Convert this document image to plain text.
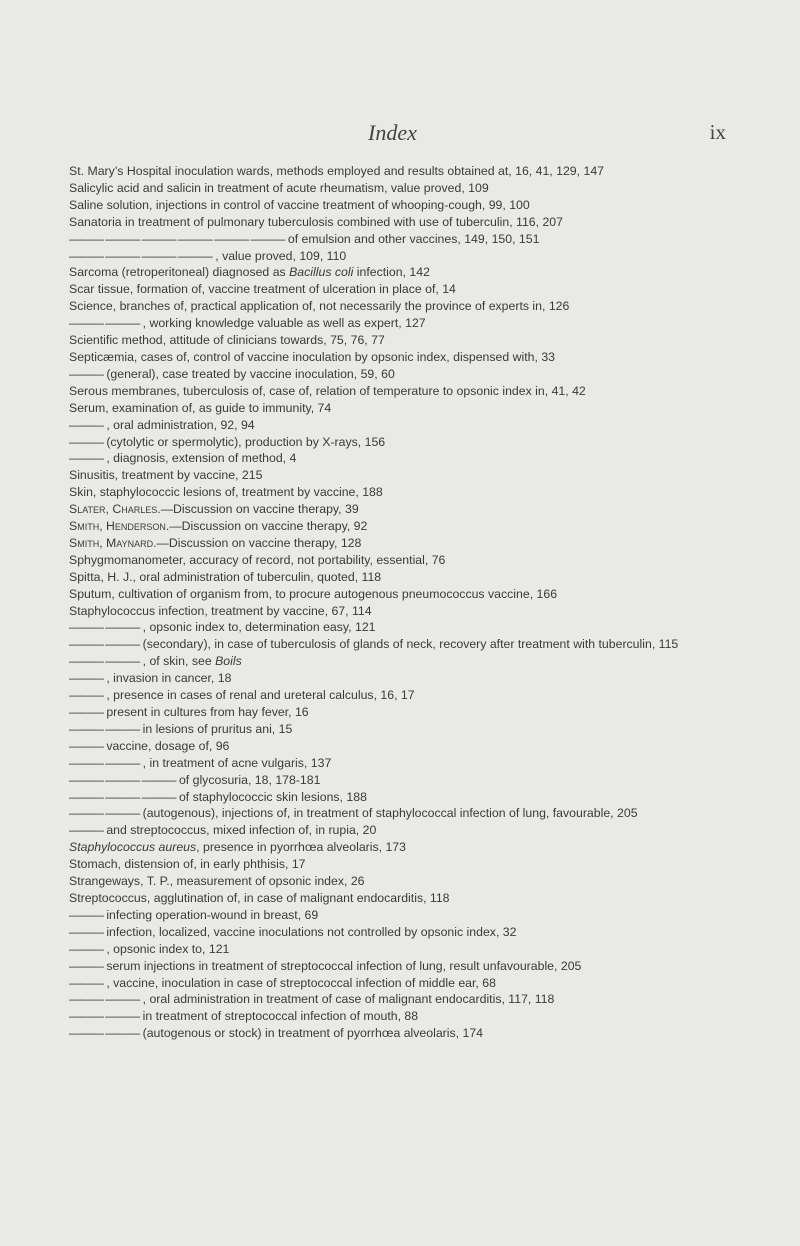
Index	ix
St. Mary’s Hospital inoculation wards, methods employed and results obtained at, 16, 41, 129, 147
Salicylic acid and salicin in treatment of acute rheumatism, value proved, 109
Saline solution, injections in control of vaccine treatment of whooping-cough, 99, 100
Sanatoria in treatment of pulmonary tuberculosis combined with use of tuberculin, 116, 207
——— ——— ——— ——— ——— ——— of emulsion and other vaccines, 149, 150, 151
——— ——— ——— ——— , value proved, 109, 110
Sarcoma (retroperitoneal) diagnosed as Bacillus coli infection, 142
Scar tissue, formation of, vaccine treatment of ulceration in place of, 14
Science, branches of, practical application of, not necessarily the province of experts in, 126
——— ——— , working knowledge valuable as well as expert, 127
Scientific method, attitude of clinicians towards, 75, 76, 77
Septicæmia, cases of, control of vaccine inoculation by opsonic index, dispensed with, 33
——— (general), case treated by vaccine inoculation, 59, 60
Serous membranes, tuberculosis of, case of, relation of temperature to opsonic index in, 41, 42
Serum, examination of, as guide to immunity, 74
——— , oral administration, 92, 94
——— (cytolytic or spermolytic), production by X-rays, 156
——— , diagnosis, extension of method, 4
Sinusitis, treatment by vaccine, 215
Skin, staphylococcic lesions of, treatment by vaccine, 188
Slater, Charles.—Discussion on vaccine therapy, 39
Smith, Henderson.—Discussion on vaccine therapy, 92
Smith, Maynard.—Discussion on vaccine therapy, 128
Sphygmomanometer, accuracy of record, not portability, essential, 76
Spitta, H. J., oral administration of tuberculin, quoted, 118
Sputum, cultivation of organism from, to procure autogenous pneumococcus vaccine, 166
Staphylococcus infection, treatment by vaccine, 67, 114
——— ——— , opsonic index to, determination easy, 121
——— ——— (secondary), in case of tuberculosis of glands of neck, recovery after treatment with tuberculin, 115
——— ——— , of skin, see Boils
——— , invasion in cancer, 18
——— , presence in cases of renal and ureteral calculus, 16, 17
——— present in cultures from hay fever, 16
——— ——— in lesions of pruritus ani, 15
——— vaccine, dosage of, 96
——— ——— , in treatment of acne vulgaris, 137
——— ——— ——— of glycosuria, 18, 178-181
——— ——— ——— of staphylococcic skin lesions, 188
——— ——— (autogenous), injections of, in treatment of staphylococcal infection of lung, favourable, 205
——— and streptococcus, mixed infection of, in rupia, 20
Staphylococcus aureus, presence in pyorrhœa alveolaris, 173
Stomach, distension of, in early phthisis, 17
Strangeways, T. P., measurement of opsonic index, 26
Streptococcus, agglutination of, in case of malignant endocarditis, 118
——— infecting operation-wound in breast, 69
——— infection, localized, vaccine inoculations not controlled by opsonic index, 32
——— , opsonic index to, 121
——— serum injections in treatment of streptococcal infection of lung, result unfavourable, 205
——— , vaccine, inoculation in case of streptococcal infection of middle ear, 68
——— ——— , oral administration in treatment of case of malignant endocarditis, 117, 118
——— ——— in treatment of streptococcal infection of mouth, 88
——— ——— (autogenous or stock) in treatment of pyorrhœa alveolaris, 174
